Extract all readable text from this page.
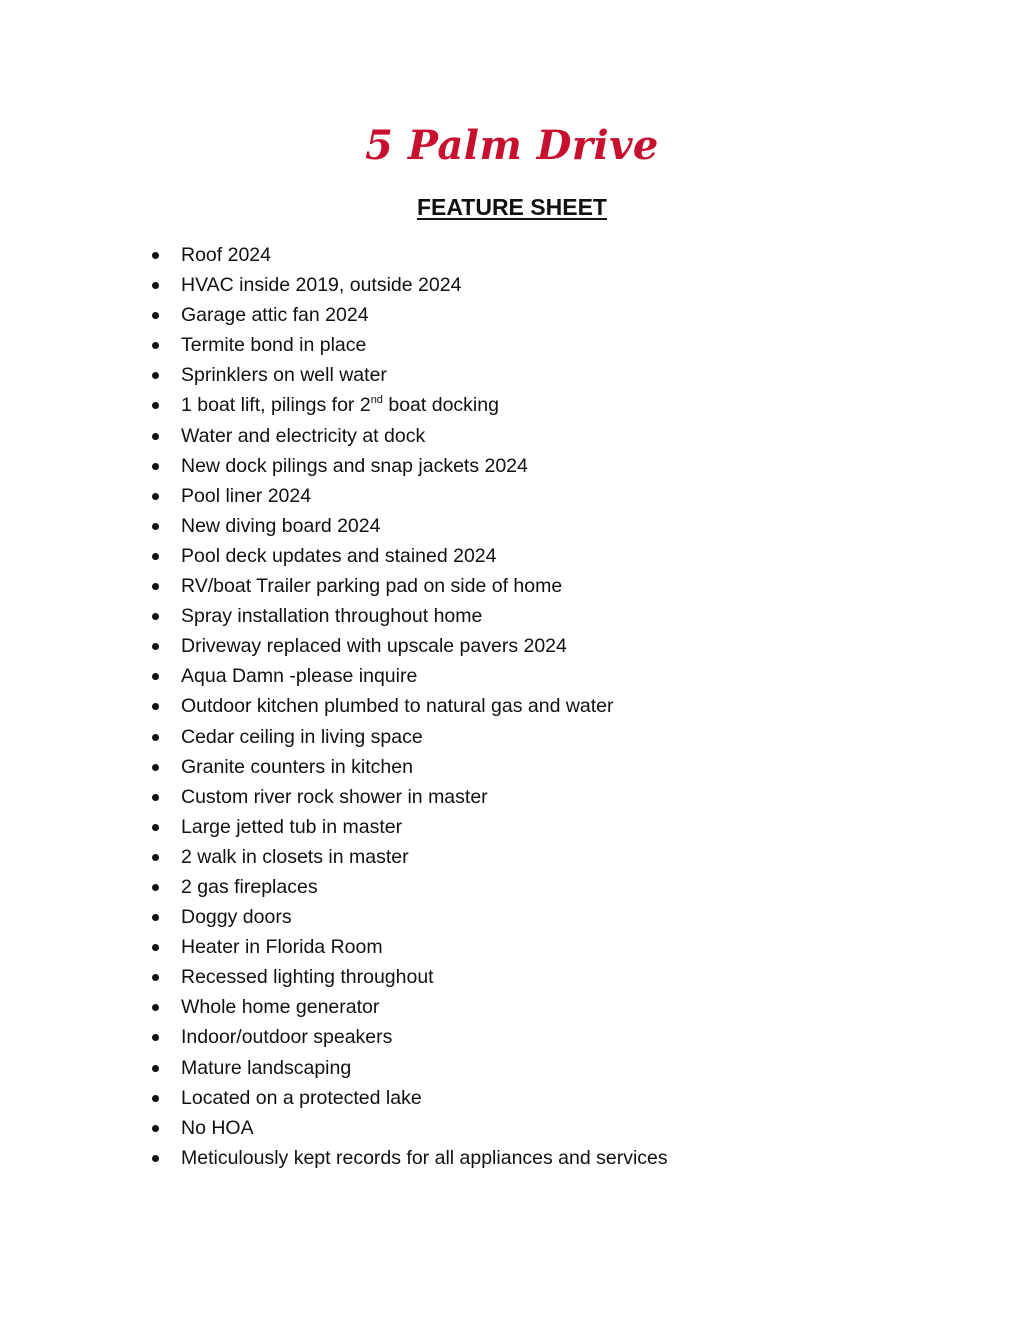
5 Palm Drive
FEATURE SHEET
Roof 2024
HVAC inside 2019, outside 2024
Garage attic fan 2024
Termite bond in place
Sprinklers on well water
1 boat lift, pilings for 2nd boat docking
Water and electricity at dock
New dock pilings and snap jackets 2024
Pool liner 2024
New diving board 2024
Pool deck updates and stained 2024
RV/boat Trailer parking pad on side of home
Spray installation throughout home
Driveway replaced with upscale pavers 2024
Aqua Damn -please inquire
Outdoor kitchen plumbed to natural gas and water
Cedar ceiling in living space
Granite counters in kitchen
Custom river rock shower in master
Large jetted tub in master
2 walk in closets in master
2 gas fireplaces
Doggy doors
Heater in Florida Room
Recessed lighting throughout
Whole home generator
Indoor/outdoor speakers
Mature landscaping
Located on a protected lake
No HOA
Meticulously kept records for all appliances and services
